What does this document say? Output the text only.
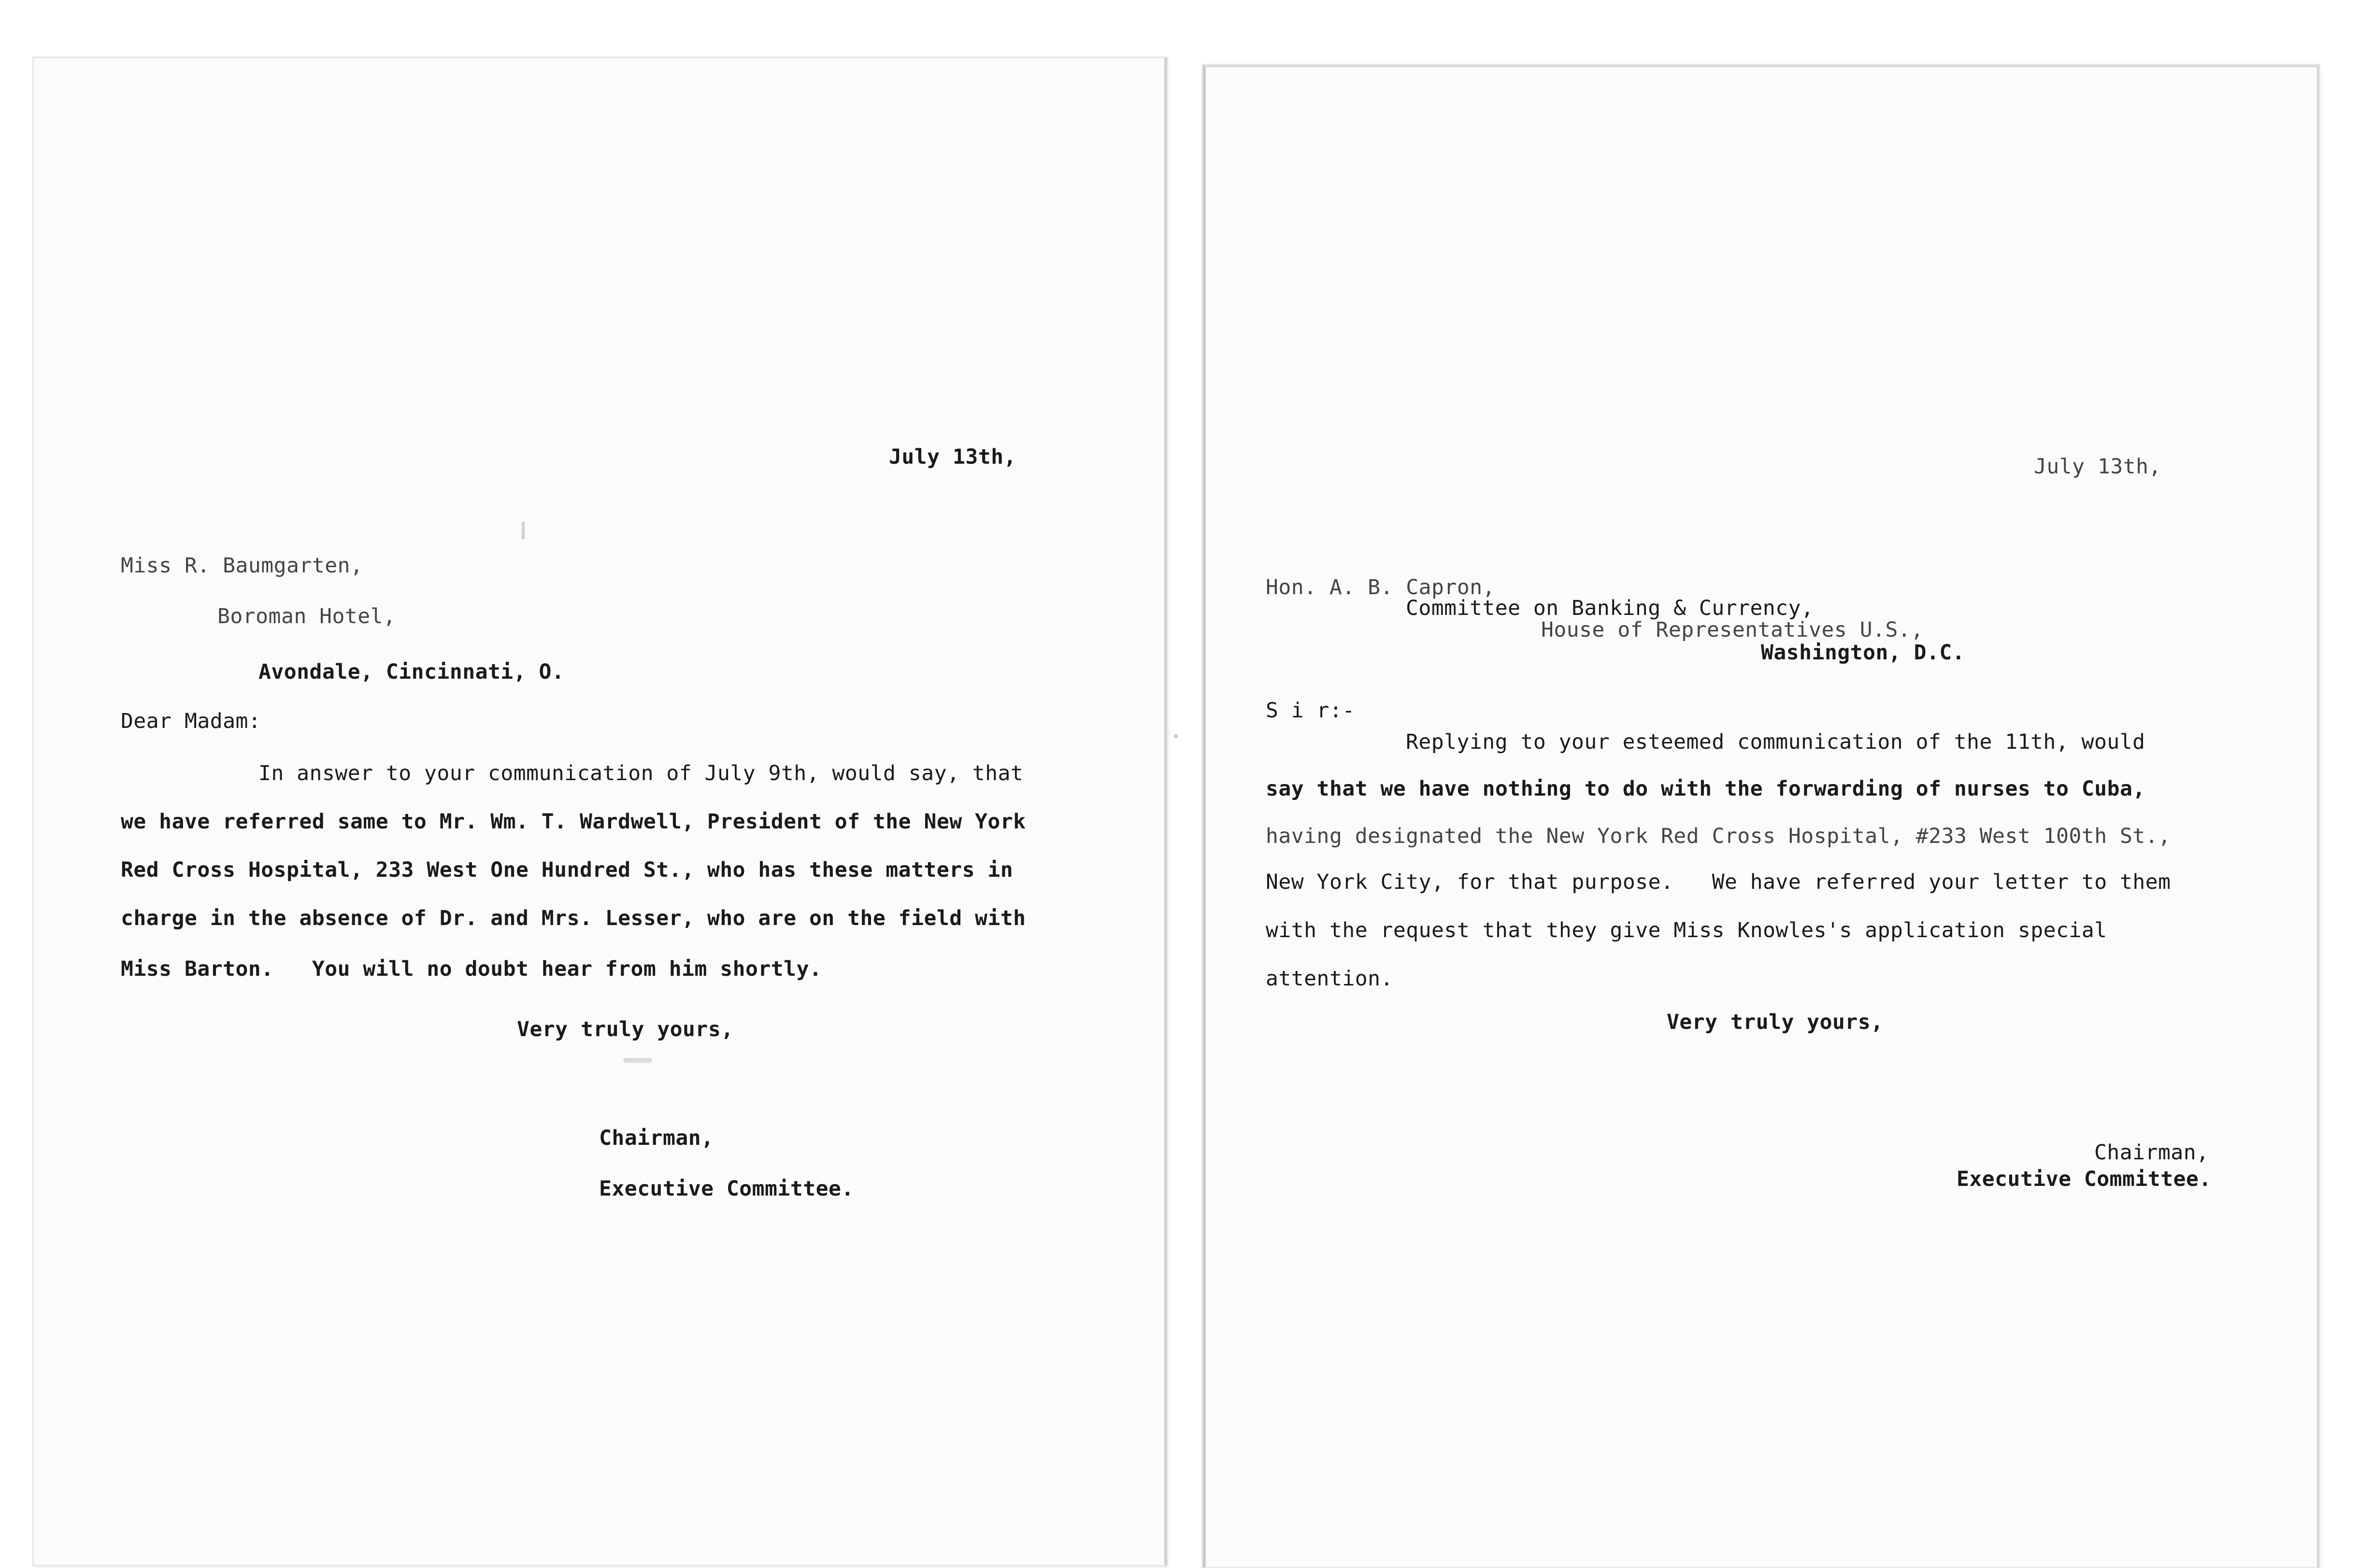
July 13th,
Miss R. Baumgarten,
Boroman Hotel,
Avondale, Cincinnati, O.
Dear Madam:
In answer to your communication of July 9th, would say, that
we have referred same to Mr. Wm. T. Wardwell, President of the New York
Red Cross Hospital, 233 West One Hundred St., who has these matters in
charge in the absence of Dr. and Mrs. Lesser, who are on the field with
Miss Barton.   You will no doubt hear from him shortly.
Very truly yours,
Chairman,
Executive Committee.
July 13th,
Hon. A. B. Capron,
Committee on Banking & Currency,
House of Representatives U.S.,
Washington, D.C.
S i r:-
Replying to your esteemed communication of the 11th, would
say that we have nothing to do with the forwarding of nurses to Cuba,
having designated the New York Red Cross Hospital, #233 West 100th St.,
New York City, for that purpose.   We have referred your letter to them
with the request that they give Miss Knowles's application special
attention.
Very truly yours,
Chairman,
Executive Committee.
